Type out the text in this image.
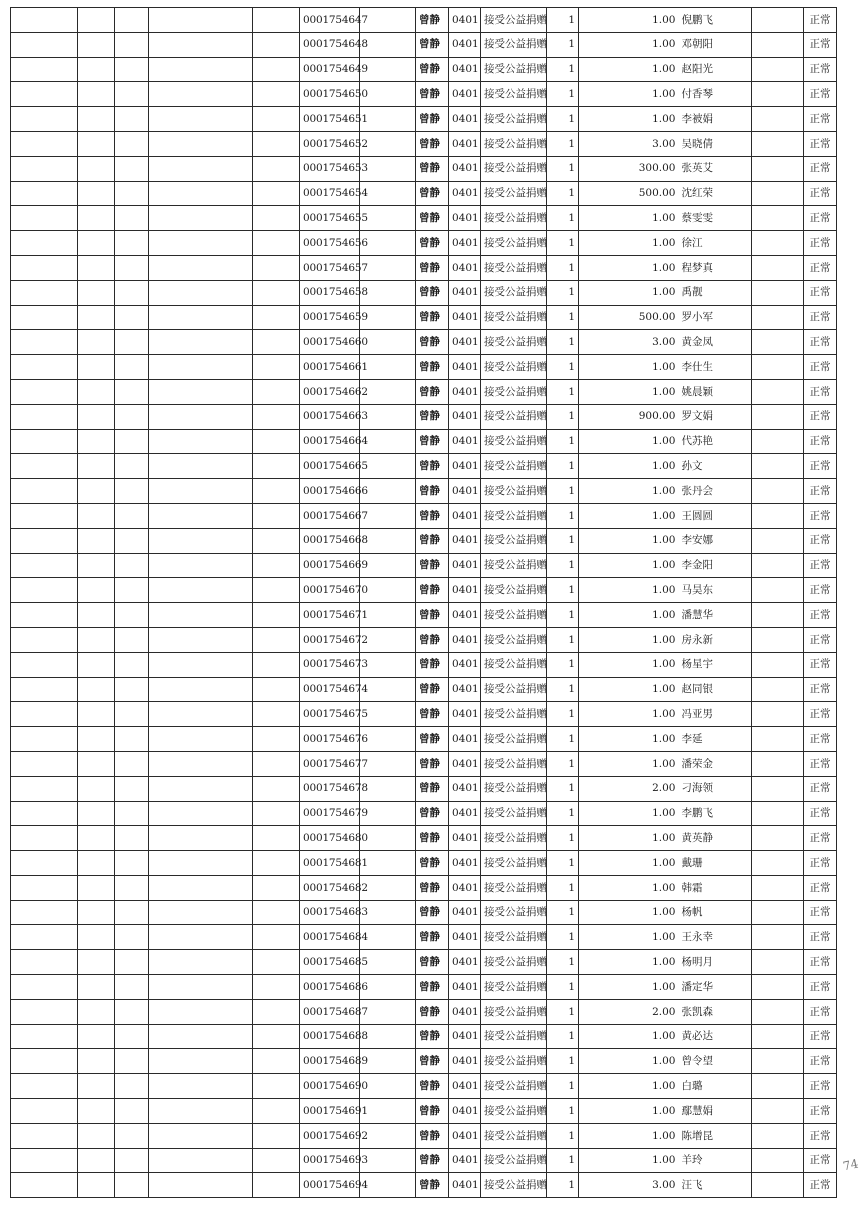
					0001754647		曾静	0401	接受公益捐赠	1	1.00	倪鹏飞		正常
					0001754648		曾静	0401	接受公益捐赠	1	1.00	邓朝阳		正常
					0001754649		曾静	0401	接受公益捐赠	1	1.00	赵阳光		正常
					0001754650		曾静	0401	接受公益捐赠	1	1.00	付香琴		正常
					0001754651		曾静	0401	接受公益捐赠	1	1.00	李被娟		正常
					0001754652		曾静	0401	接受公益捐赠	1	3.00	吴晓倩		正常
					0001754653		曾静	0401	接受公益捐赠	1	300.00	张英艾		正常
					0001754654		曾静	0401	接受公益捐赠	1	500.00	沈红荣		正常
					0001754655		曾静	0401	接受公益捐赠	1	1.00	蔡雯雯		正常
					0001754656		曾静	0401	接受公益捐赠	1	1.00	徐江		正常
					0001754657		曾静	0401	接受公益捐赠	1	1.00	程梦真		正常
					0001754658		曾静	0401	接受公益捐赠	1	1.00	禹靓		正常
					0001754659		曾静	0401	接受公益捐赠	1	500.00	罗小军		正常
					0001754660		曾静	0401	接受公益捐赠	1	3.00	黄金凤		正常
					0001754661		曾静	0401	接受公益捐赠	1	1.00	李仕生		正常
					0001754662		曾静	0401	接受公益捐赠	1	1.00	姚晨颖		正常
					0001754663		曾静	0401	接受公益捐赠	1	900.00	罗文娟		正常
					0001754664		曾静	0401	接受公益捐赠	1	1.00	代苏艳		正常
					0001754665		曾静	0401	接受公益捐赠	1	1.00	孙文		正常
					0001754666		曾静	0401	接受公益捐赠	1	1.00	张丹会		正常
					0001754667		曾静	0401	接受公益捐赠	1	1.00	王圆圆		正常
					0001754668		曾静	0401	接受公益捐赠	1	1.00	李安娜		正常
					0001754669		曾静	0401	接受公益捐赠	1	1.00	李金阳		正常
					0001754670		曾静	0401	接受公益捐赠	1	1.00	马昊东		正常
					0001754671		曾静	0401	接受公益捐赠	1	1.00	潘慧华		正常
					0001754672		曾静	0401	接受公益捐赠	1	1.00	房永新		正常
					0001754673		曾静	0401	接受公益捐赠	1	1.00	杨星宇		正常
					0001754674		曾静	0401	接受公益捐赠	1	1.00	赵同银		正常
					0001754675		曾静	0401	接受公益捐赠	1	1.00	冯亚男		正常
					0001754676		曾静	0401	接受公益捐赠	1	1.00	李延		正常
					0001754677		曾静	0401	接受公益捐赠	1	1.00	潘荣金		正常
					0001754678		曾静	0401	接受公益捐赠	1	2.00	刁海领		正常
					0001754679		曾静	0401	接受公益捐赠	1	1.00	李鹏飞		正常
					0001754680		曾静	0401	接受公益捐赠	1	1.00	黄英静		正常
					0001754681		曾静	0401	接受公益捐赠	1	1.00	戴珊		正常
					0001754682		曾静	0401	接受公益捐赠	1	1.00	韩霜		正常
					0001754683		曾静	0401	接受公益捐赠	1	1.00	杨帆		正常
					0001754684		曾静	0401	接受公益捐赠	1	1.00	王永幸		正常
					0001754685		曾静	0401	接受公益捐赠	1	1.00	杨明月		正常
					0001754686		曾静	0401	接受公益捐赠	1	1.00	潘定华		正常
					0001754687		曾静	0401	接受公益捐赠	1	2.00	张凯森		正常
					0001754688		曾静	0401	接受公益捐赠	1	1.00	黄必达		正常
					0001754689		曾静	0401	接受公益捐赠	1	1.00	曾令望		正常
					0001754690		曾静	0401	接受公益捐赠	1	1.00	白璐		正常
					0001754691		曾静	0401	接受公益捐赠	1	1.00	鄢慧娟		正常
					0001754692		曾静	0401	接受公益捐赠	1	1.00	陈增昆		正常
					0001754693		曾静	0401	接受公益捐赠	1	1.00	羊玲		正常
					0001754694		曾静	0401	接受公益捐赠	1	3.00	汪飞		正常
74
